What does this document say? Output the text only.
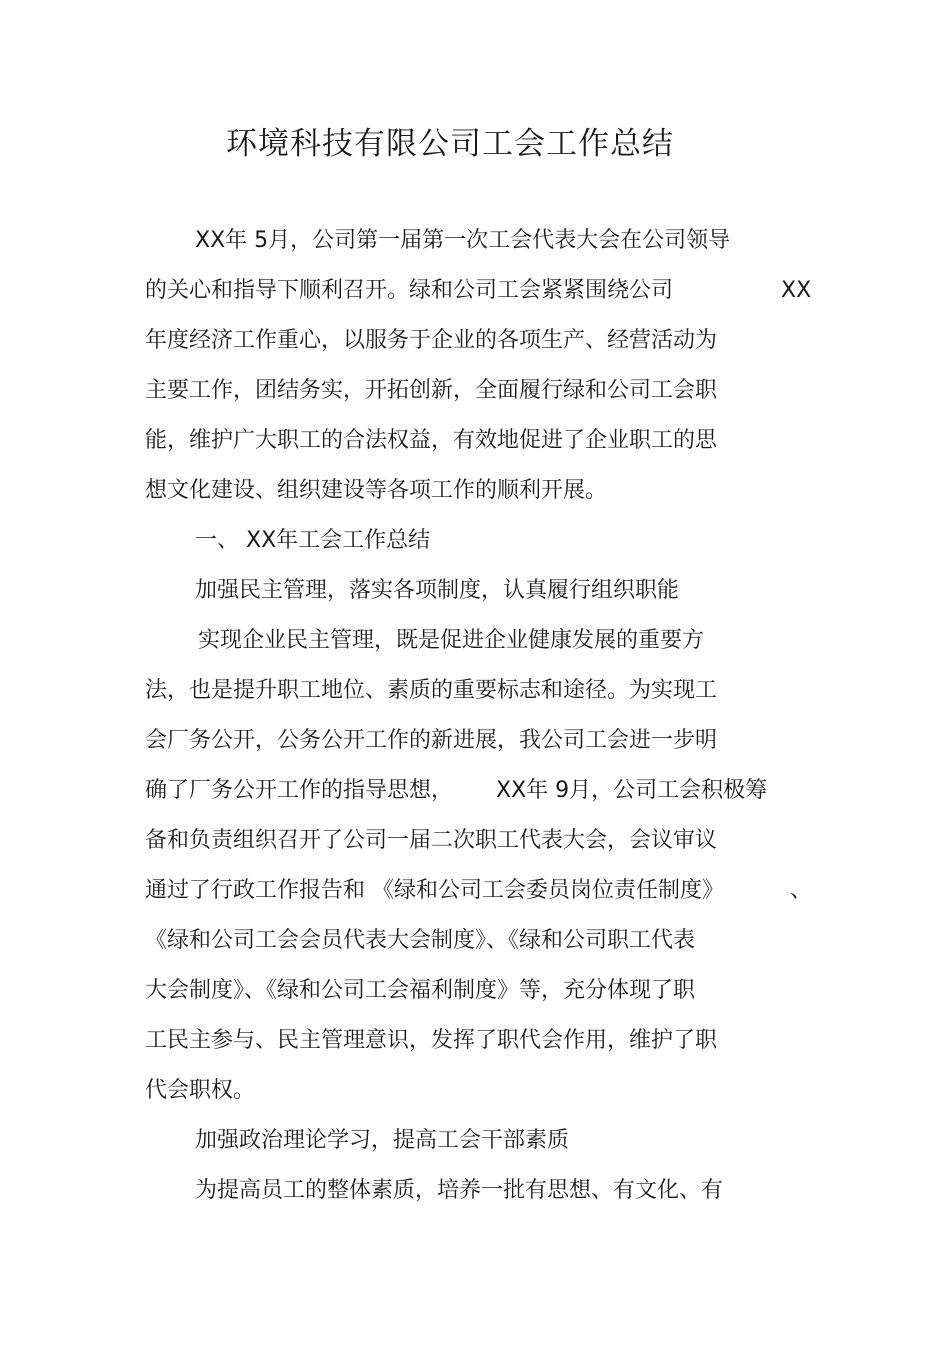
环境科技有限公司工会工作总结
XX年 5月，公司第一届第一次工会代表大会在公司领导
的关心和指导下顺利召开。绿和公司工会紧紧围绕公司	XX
年度经济工作重心，以服务于企业的各项生产、经营活动为
主要工作，团结务实，开拓创新，全面履行绿和公司工会职
能，维护广大职工的合法权益，有效地促进了企业职工的思
想文化建设、组织建设等各项工作的顺利开展。
一、 XX年工会工作总结
加强民主管理，落实各项制度，认真履行组织职能
实现企业民主管理，既是促进企业健康发展的重要方
法，也是提升职工地位、素质的重要标志和途径。为实现工
会厂务公开，公务公开工作的新进展，我公司工会进一步明
确了厂务公开工作的指导思想， XX年 9月，公司工会积极筹
备和负责组织召开了公司一届二次职工代表大会，会议审议
通过了行政工作报告和 《绿和公司工会委员岗位责任制度》	、
《绿和公司工会会员代表大会制度》、《绿和公司职工代表
大会制度》、《绿和公司工会福利制度》等，充分体现了职
工民主参与、民主管理意识，发挥了职代会作用，维护了职
代会职权。
加强政治理论学习，提高工会干部素质
为提高员工的整体素质，培养一批有思想、有文化、有
